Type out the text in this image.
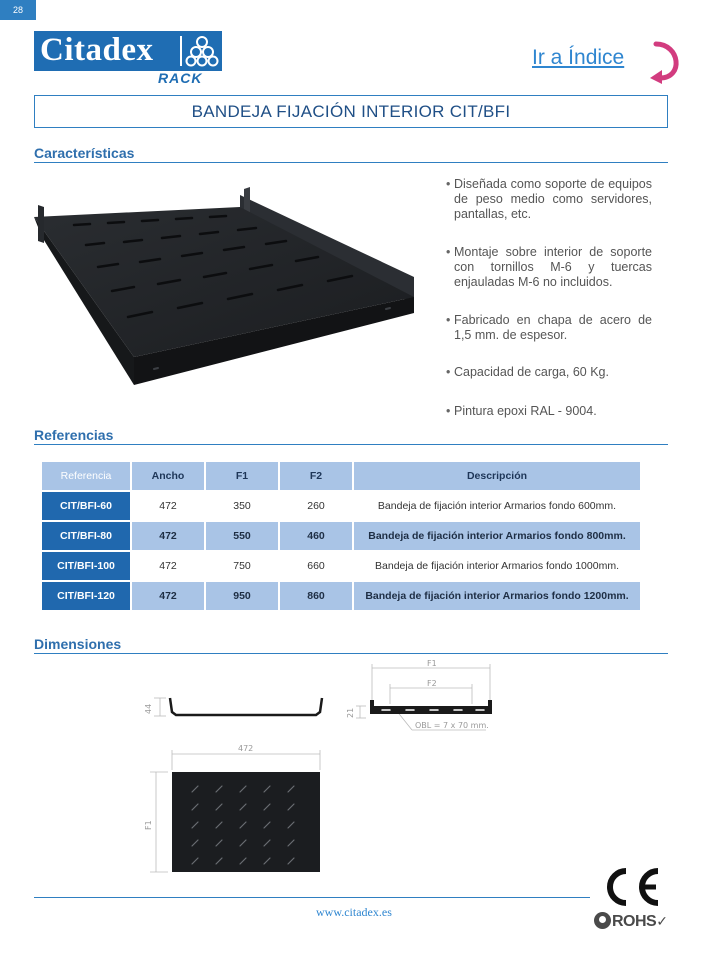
28
Citadex
RACK
Ir a Índice
BANDEJA FIJACIÓN INTERIOR CIT/BFI
Características
• Diseñada como soporte de equipos de peso medio como servidores, pantallas, etc.
• Montaje sobre interior de soporte con tornillos M-6 y tuercas enjauladas M-6 no incluidos.
• Fabricado en chapa de acero de 1,5 mm. de espesor.
• Capacidad de carga, 60 Kg.
• Pintura epoxi RAL - 9004.
Referencias
Referencia	Ancho	F1	F2	Descripción
CIT/BFI-60	472	350	260	Bandeja de fijación interior Armarios fondo 600mm.
CIT/BFI-80	472	550	460	Bandeja de fijación interior Armarios fondo 800mm.
CIT/BFI-100	472	750	660	Bandeja de fijación interior Armarios fondo 1000mm.
CIT/BFI-120	472	950	860	Bandeja de fijación interior Armarios fondo 1200mm.
Dimensiones
44
F1
F2
21
OBL = 7 x 70 mm.
472
F1
www.citadex.es
ROHS✓
